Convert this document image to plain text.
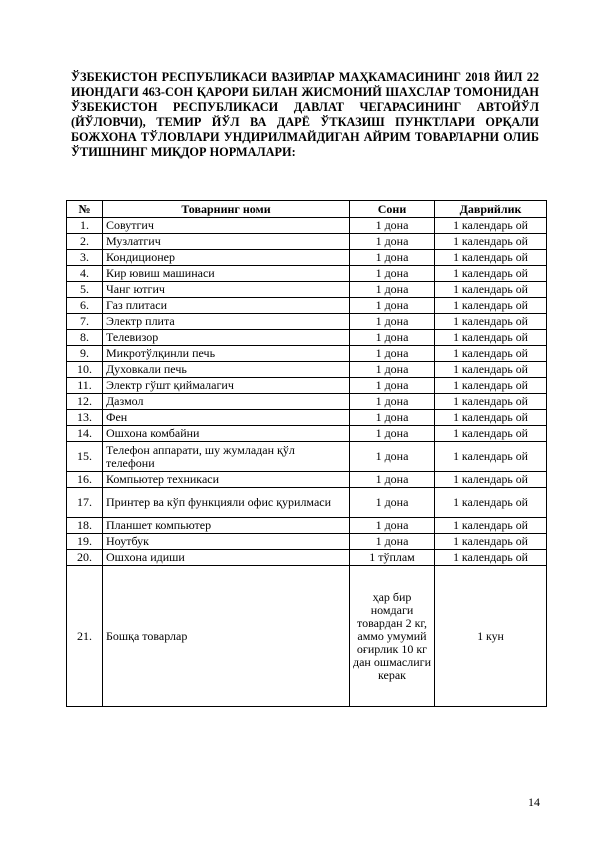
ЎЗБЕКИСТОН РЕСПУБЛИКАСИ ВАЗИРЛАР МАҲКАМАСИНИНГ 2018 ЙИЛ 22 ИЮНДАГИ 463-СОН ҚАРОРИ БИЛАН ЖИСМОНИЙ ШАХСЛАР ТОМОНИДАН ЎЗБЕКИСТОН РЕСПУБЛИКАСИ ДАВЛАТ ЧЕГАРАСИНИНГ АВТОЙЎЛ (ЙЎЛОВЧИ), ТЕМИР ЙЎЛ ВА ДАРЁ ЎТКАЗИШ ПУНКТЛАРИ ОРҚАЛИ БОЖХОНА ТЎЛОВЛАРИ УНДИРИЛМАЙДИГАН АЙРИМ ТОВАРЛАРНИ ОЛИБ ЎТИШНИНГ МИҚДОР НОРМАЛАРИ:

№	Товарнинг номи	Сони	Даврийлик
1.	Совутгич	1 дона	1 календарь ой
2.	Музлатгич	1 дона	1 календарь ой
3.	Кондиционер	1 дона	1 календарь ой
4.	Кир ювиш машинаси	1 дона	1 календарь ой
5.	Чанг ютгич	1 дона	1 календарь ой
6.	Газ плитаси	1 дона	1 календарь ой
7.	Электр плита	1 дона	1 календарь ой
8.	Телевизор	1 дона	1 календарь ой
9.	Микротўлқинли печь	1 дона	1 календарь ой
10.	Духовкали печь	1 дона	1 календарь ой
11.	Электр гўшт қиймалагич	1 дона	1 календарь ой
12.	Дазмол	1 дона	1 календарь ой
13.	Фен	1 дона	1 календарь ой
14.	Ошхона комбайни	1 дона	1 календарь ой
15.	Телефон аппарати, шу жумладан қўл телефони	1 дона	1 календарь ой
16.	Компьютер техникаси	1 дона	1 календарь ой
17.	Принтер ва кўп функцияли офис қурилмаси	1 дона	1 календарь ой
18.	Планшет компьютер	1 дона	1 календарь ой
19.	Ноутбук	1 дона	1 календарь ой
20.	Ошхона идиши	1 тўплам	1 календарь ой
21.	Бошқа товарлар	ҳар бир номдаги товардан 2 кг, аммо умумий оғирлик 10 кг дан ошмаслиги керак	1 кун
14
